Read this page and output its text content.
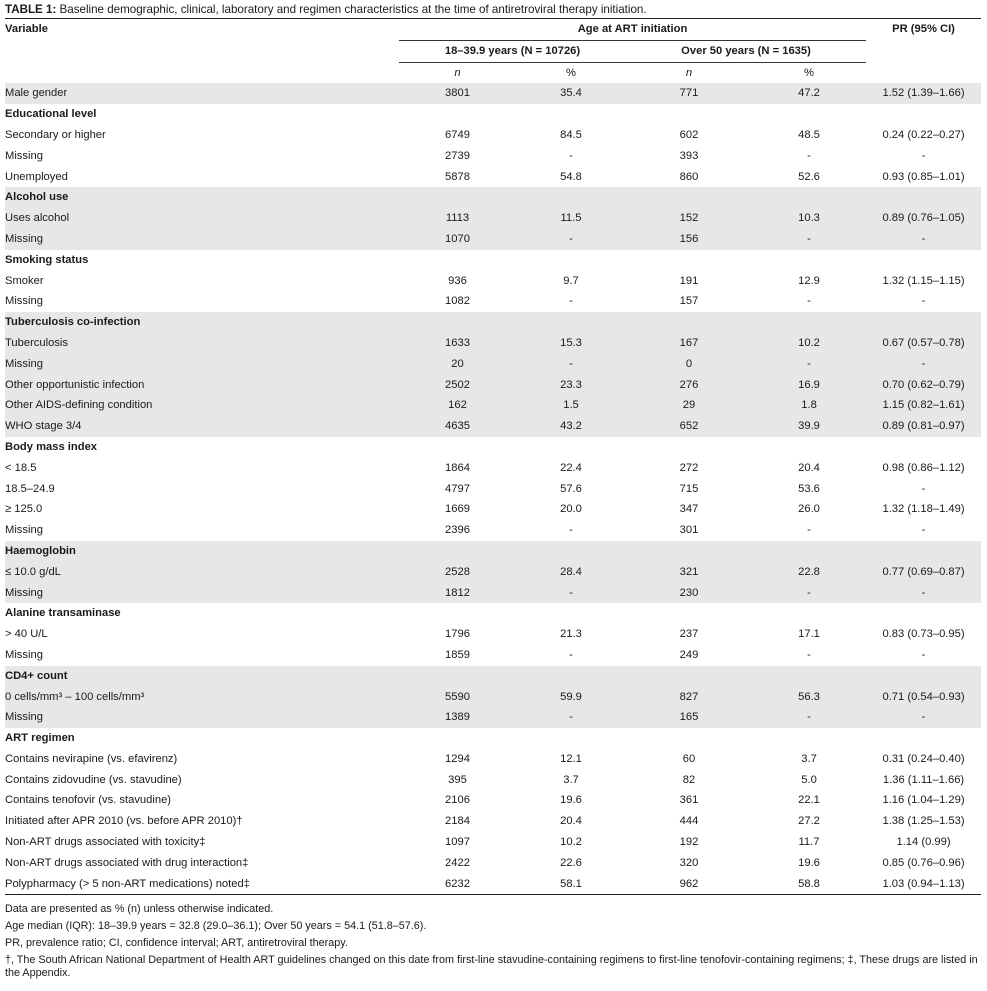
TABLE 1: Baseline demographic, clinical, laboratory and regimen characteristics at the time of antiretroviral therapy initiation.
Variable	Age at ART initiation				PR (95% CI)
	18–39.9 years (N = 10726)		Over 50 years (N = 1635)		
	n	%	n	%	
Male gender	3801	35.4	771	47.2	1.52 (1.39–1.66)
Educational level					
Secondary or higher	6749	84.5	602	48.5	0.24 (0.22–0.27)
Missing	2739	-	393	-	-
Unemployed	5878	54.8	860	52.6	0.93 (0.85–1.01)
Alcohol use					
Uses alcohol	1113	11.5	152	10.3	0.89 (0.76–1.05)
Missing	1070	-	156	-	-
Smoking status					
Smoker	936	9.7	191	12.9	1.32 (1.15–1.15)
Missing	1082	-	157	-	-
Tuberculosis co-infection					
Tuberculosis	1633	15.3	167	10.2	0.67 (0.57–0.78)
Missing	20	-	0	-	-
Other opportunistic infection	2502	23.3	276	16.9	0.70 (0.62–0.79)
Other AIDS-defining condition	162	1.5	29	1.8	1.15 (0.82–1.61)
WHO stage 3/4	4635	43.2	652	39.9	0.89 (0.81–0.97)
Body mass index					
< 18.5	1864	22.4	272	20.4	0.98 (0.86–1.12)
18.5–24.9	4797	57.6	715	53.6	-
≥ 125.0	1669	20.0	347	26.0	1.32 (1.18–1.49)
Missing	2396	-	301	-	-
Haemoglobin					
≤ 10.0 g/dL	2528	28.4	321	22.8	0.77 (0.69–0.87)
Missing	1812	-	230	-	-
Alanine transaminase					
> 40 U/L	1796	21.3	237	17.1	0.83 (0.73–0.95)
Missing	1859	-	249	-	-
CD4+ count					
0 cells/mm³ – 100 cells/mm³	5590	59.9	827	56.3	0.71 (0.54–0.93)
Missing	1389	-	165	-	-
ART regimen					
Contains nevirapine (vs. efavirenz)	1294	12.1	60	3.7	0.31 (0.24–0.40)
Contains zidovudine (vs. stavudine)	395	3.7	82	5.0	1.36 (1.11–1.66)
Contains tenofovir (vs. stavudine)	2106	19.6	361	22.1	1.16 (1.04–1.29)
Initiated after APR 2010 (vs. before APR 2010)†	2184	20.4	444	27.2	1.38 (1.25–1.53)
Non-ART drugs associated with toxicity‡	1097	10.2	192	11.7	1.14 (0.99)
Non-ART drugs associated with drug interaction‡	2422	22.6	320	19.6	0.85 (0.76–0.96)
Polypharmacy (> 5 non-ART medications) noted‡	6232	58.1	962	58.8	1.03 (0.94–1.13)
Data are presented as % (n) unless otherwise indicated.
Age median (IQR): 18–39.9 years = 32.8 (29.0–36.1); Over 50 years = 54.1 (51.8–57.6).
PR, prevalence ratio; CI, confidence interval; ART, antiretroviral therapy.
†, The South African National Department of Health ART guidelines changed on this date from first-line stavudine-containing regimens to first-line tenofovir-containing regimens; ‡, These drugs are listed in the Appendix.
